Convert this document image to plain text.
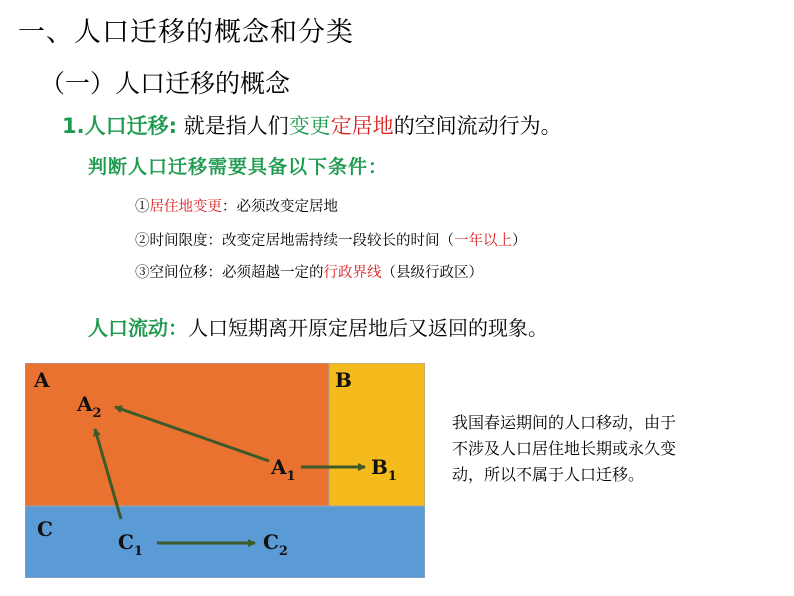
一、人口迁移的概念和分类
（一）人口迁移的概念
1.人口迁移: 就是指人们变更定居地的空间流动行为。
判断人口迁移需要具备以下条件：
①居住地变更：必须改变定居地
②时间限度：改变定居地需持续一段较长的时间（一年以上）
③空间位移：必须超越一定的行政界线（县级行政区）
人口流动：人口短期离开原定居地后又返回的现象。
A	B
C
$A_2$
$A_1$	$B_1$
$C_1$	$C_2$
我国春运期间的人口移动，由于
不涉及人口居住地长期或永久变
动，所以不属于人口迁移。
